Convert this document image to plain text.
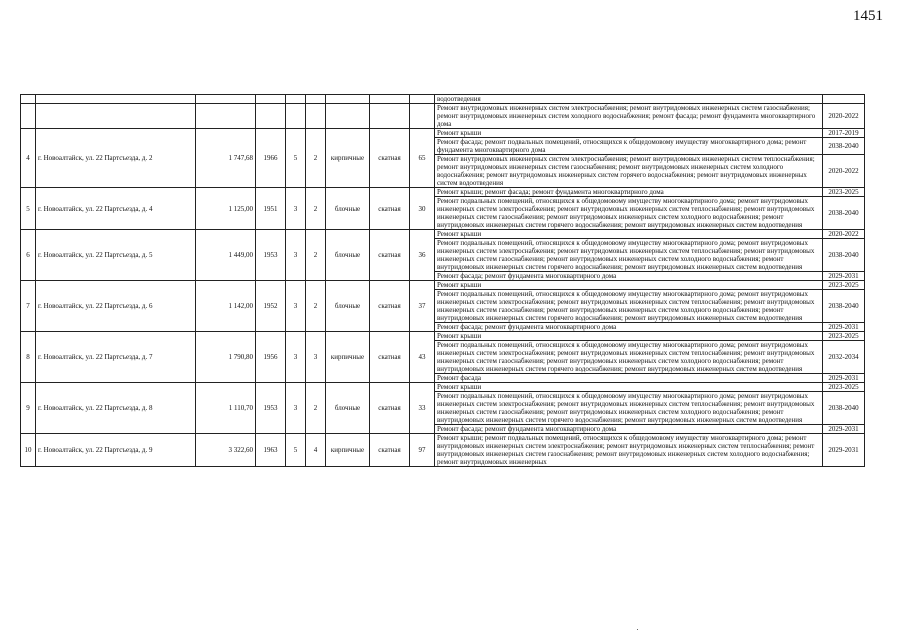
1451
									водоотведения	
									Ремонт внутридомовых инженерных систем электроснабжения; ремонт внутридомовых инженерных систем газоснабжения; ремонт внутридомовых инженерных систем холодного водоснабжения; ремонт фасада; ремонт фундамента многоквартирного дома	2020-2022
4	г. Новоалтайск, ул. 22 Партсъезда, д. 2	1 747,68	1966	5	2	кирпичные	скатная	65	Ремонт крыши	2017-2019
									Ремонт фасада; ремонт подвальных помещений, относящихся к общедомовому имуществу многоквартирного дома; ремонт фундамента многоквартирного дома	2038-2040
									Ремонт внутридомовых инженерных систем электроснабжения; ремонт внутридомовых инженерных систем теплоснабжения; ремонт внутридомовых инженерных систем газоснабжения; ремонт внутридомовых инженерных систем холодного водоснабжения; ремонт внутридомовых инженерных систем горячего водоснабжения; ремонт внутридомовых инженерных систем водоотведения	2020-2022
5	г. Новоалтайск, ул. 22 Партсъезда, д. 4	1 125,00	1951	3	2	блочные	скатная	30	Ремонт крыши; ремонт фасада; ремонт фундамента многоквартирного дома	2023-2025
									Ремонт подвальных помещений, относящихся к общедомовому имуществу многоквартирного дома; ремонт внутридомовых инженерных систем электроснабжения; ремонт внутридомовых инженерных систем теплоснабжения; ремонт внутридомовых инженерных систем газоснабжения; ремонт внутридомовых инженерных систем холодного водоснабжения; ремонт внутридомовых инженерных систем горячего водоснабжения; ремонт внутридомовых инженерных систем водоотведения	2038-2040
6	г. Новоалтайск, ул. 22 Партсъезда, д. 5	1 449,00	1953	3	2	блочные	скатная	36	Ремонт крыши	2020-2022
									Ремонт подвальных помещений, относящихся к общедомовому имуществу многоквартирного дома; ремонт внутридомовых инженерных систем электроснабжения; ремонт внутридомовых инженерных систем теплоснабжения; ремонт внутридомовых инженерных систем газоснабжения; ремонт внутридомовых инженерных систем холодного водоснабжения; ремонт внутридомовых инженерных систем горячего водоснабжения; ремонт внутридомовых инженерных систем водоотведения	2038-2040
									Ремонт фасада; ремонт фундамента многоквартирного дома	2029-2031
7	г. Новоалтайск, ул. 22 Партсъезда, д. 6	1 142,00	1952	3	2	блочные	скатная	37	Ремонт крыши	2023-2025
									Ремонт подвальных помещений, относящихся к общедомовому имуществу многоквартирного дома; ремонт внутридомовых инженерных систем электроснабжения; ремонт внутридомовых инженерных систем теплоснабжения; ремонт внутридомовых инженерных систем газоснабжения; ремонт внутридомовых инженерных систем холодного водоснабжения; ремонт внутридомовых инженерных систем горячего водоснабжения; ремонт внутридомовых инженерных систем водоотведения	2038-2040
									Ремонт фасада; ремонт фундамента многоквартирного дома	2029-2031
8	г. Новоалтайск, ул. 22 Партсъезда, д. 7	1 790,80	1956	3	3	кирпичные	скатная	43	Ремонт крыши	2023-2025
									Ремонт подвальных помещений, относящихся к общедомовому имуществу многоквартирного дома; ремонт внутридомовых инженерных систем электроснабжения; ремонт внутридомовых инженерных систем теплоснабжения; ремонт внутридомовых инженерных систем газоснабжения; ремонт внутридомовых инженерных систем холодного водоснабжения; ремонт внутридомовых инженерных систем горячего водоснабжения; ремонт внутридомовых инженерных систем водоотведения	2032-2034
									Ремонт фасада	2029-2031
9	г. Новоалтайск, ул. 22 Партсъезда, д. 8	1 110,70	1953	3	2	блочные	скатная	33	Ремонт крыши	2023-2025
									Ремонт подвальных помещений, относящихся к общедомовому имуществу многоквартирного дома; ремонт внутридомовых инженерных систем электроснабжения; ремонт внутридомовых инженерных систем теплоснабжения; ремонт внутридомовых инженерных систем газоснабжения; ремонт внутридомовых инженерных систем холодного водоснабжения; ремонт внутридомовых инженерных систем горячего водоснабжения; ремонт внутридомовых инженерных систем водоотведения	2038-2040
									Ремонт фасада; ремонт фундамента многоквартирного дома	2029-2031
10	г. Новоалтайск, ул. 22 Партсъезда, д. 9	3 322,60	1963	5	4	кирпичные	скатная	97	Ремонт крыши; ремонт подвальных помещений, относящихся к общедомовому имуществу многоквартирного дома; ремонт внутридомовых инженерных систем электроснабжения; ремонт внутридомовых инженерных систем теплоснабжения; ремонт внутридомовых инженерных систем газоснабжения; ремонт внутридомовых инженерных систем холодного водоснабжения; ремонт внутридомовых инженерных	2029-2031
